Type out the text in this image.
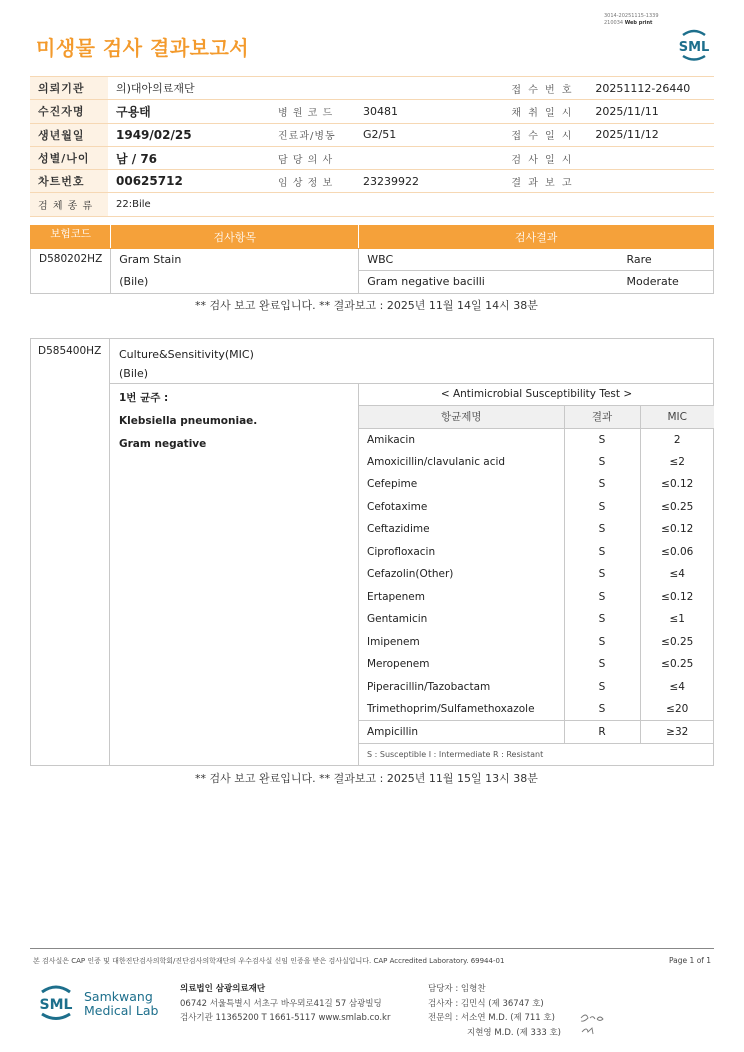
3014-20251115-1339
210034 Web print
미생물 검사 결과보고서	SML
의뢰기관	의)대아의료재단			접 수 번 호	20251112-26440
수진자명	구용태	병 원 코 드	30481	채 취 일 시	2025/11/11
생년월일	1949/02/25	진료과/병동	G2/51	접 수 일 시	2025/11/12
성별/나이	남 / 76	담 당 의 사		검 사 일 시	
차트번호	00625712	임 상 정 보	23239922	결 과 보 고	
검 체 종 류	22:Bile				
보험코드	검사항목	검사결과	
D580202HZ	Gram Stain	WBC	Rare
	(Bile)	Gram negative bacilli	Moderate
** 검사 보고 완료입니다. ** 결과보고 : 2025년 11월 14일 14시 38분
D585400HZ	Culture&Sensitivity(MIC)
(Bile)
1번 균주 :
Klebsiella pneumoniae.
Gram negative
< Antimicrobial Susceptibility Test >		
항균제명	결과	MIC
Amikacin	S	2
Amoxicillin/clavulanic acid	S	≤2
Cefepime	S	≤0.12
Cefotaxime	S	≤0.25
Ceftazidime	S	≤0.12
Ciprofloxacin	S	≤0.06
Cefazolin(Other)	S	≤4
Ertapenem	S	≤0.12
Gentamicin	S	≤1
Imipenem	S	≤0.25
Meropenem	S	≤0.25
Piperacillin/Tazobactam	S	≤4
Trimethoprim/Sulfamethoxazole	S	≤20
Ampicillin	R	≥32
S : Susceptible I : Intermediate R : Resistant		
** 검사 보고 완료입니다. ** 결과보고 : 2025년 11월 15일 13시 38분
본 검사실은 CAP 인증 및 대한진단검사의학회/진단검사의학재단의 우수검사실 신임 인증을 받은 검사실입니다. CAP Accredited Laboratory. 69944-01	Page 1 of 1
SML
Samkwang
Medical Lab
의료법인 삼광의료재단
06742 서울특별시 서초구 바우뫼로41길 57 삼광빌딩
검사기관 11365200 T 1661-5117 www.smlab.co.kr
담당자 : 임형찬
검사자 : 김민식 (제 36747 호)
전문의 : 서소연 M.D. (제 711 호)
지현영 M.D. (제 333 호)
